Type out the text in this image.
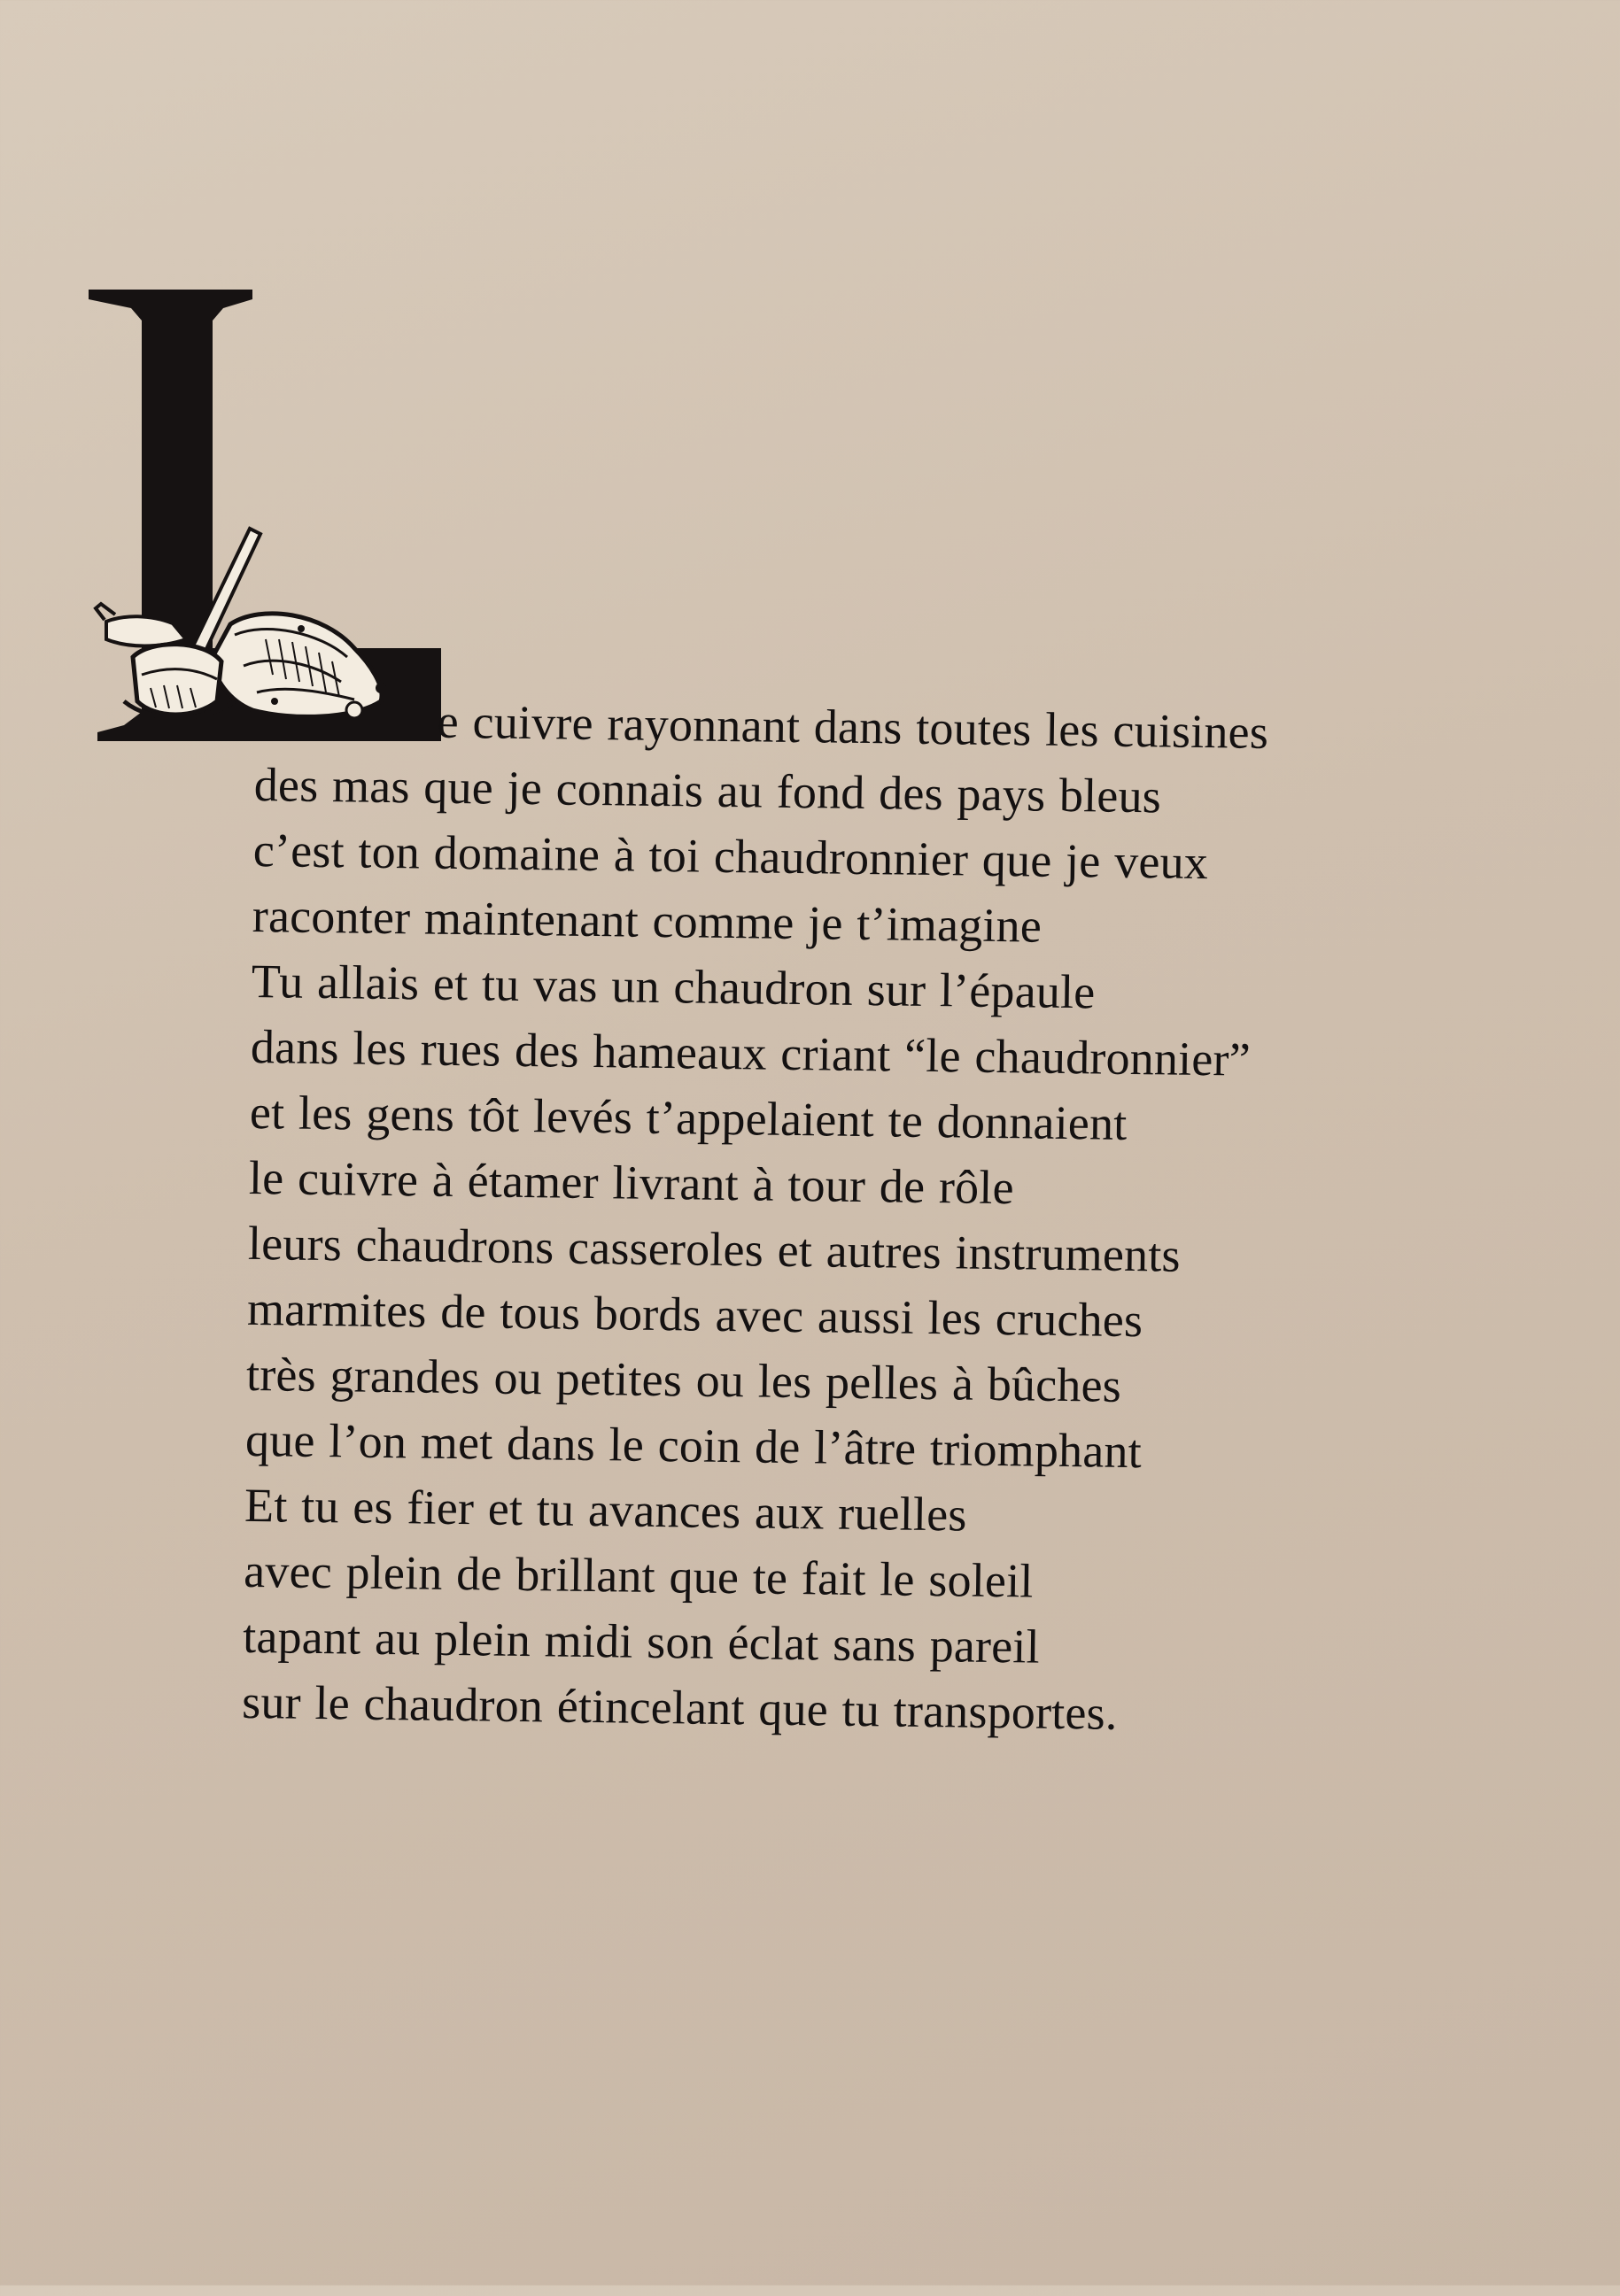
e cuivre rayonnant dans toutes les cuisines
des mas que je connais au fond des pays bleus
c’est ton domaine à toi chaudronnier que je veux
raconter maintenant comme je t’imagine
Tu allais et tu vas un chaudron sur l’épaule
dans les rues des hameaux criant “le chaudronnier”
et les gens tôt levés t’appelaient te donnaient
le cuivre à étamer livrant à tour de rôle
leurs chaudrons casseroles et autres instruments
marmites de tous bords avec aussi les cruches
très grandes ou petites ou les pelles à bûches
que l’on met dans le coin de l’âtre triomphant
Et tu es fier et tu avances aux ruelles
avec plein de brillant que te fait le soleil
tapant au plein midi son éclat sans pareil
sur le chaudron étincelant que tu transportes.
